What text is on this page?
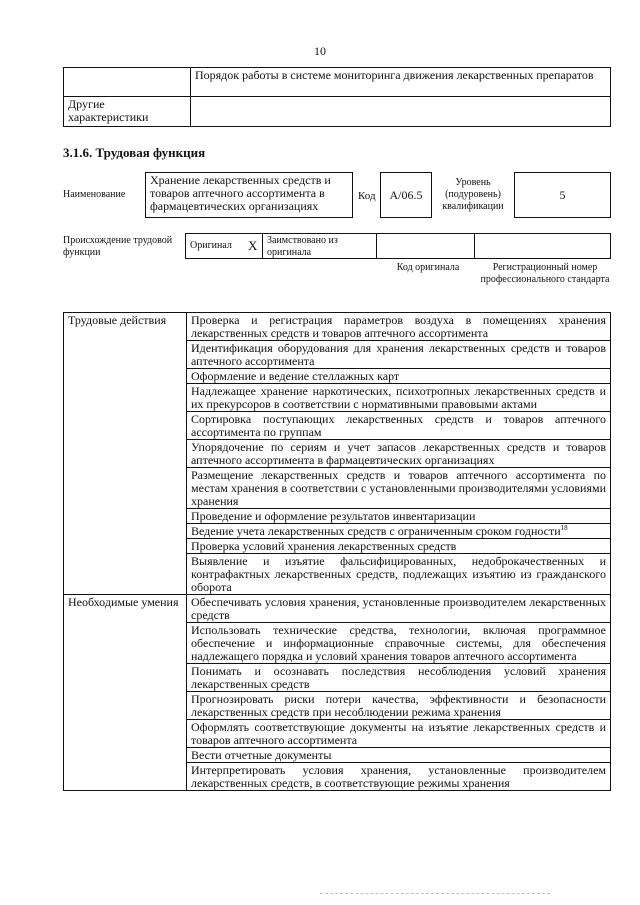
10
	Порядок работы в системе мониторинга движения лекарственных препаратов
Другие характеристики	
3.1.6. Трудовая функция
Наименование
Хранение лекарственных средств и товаров аптечного ассортимента в фармацевтических организациях
Код А/06.5
Уровень (подуровень) квалификации
5
Происхождение трудовой функции
Оригинал X Заимствовано из оригинала
Код оригинала	Регистрационный номер профессионального стандарта
Трудовые действия	Проверка и регистрация параметров воздуха в помещениях хранения лекарственных средств и товаров аптечного ассортимента
	Идентификация оборудования для хранения лекарственных средств и товаров аптечного ассортимента
	Оформление и ведение стеллажных карт
	Надлежащее хранение наркотических, психотропных лекарственных средств и их прекурсоров в соответствии с нормативными правовыми актами
	Сортировка поступающих лекарственных средств и товаров аптечного ассортимента по группам
	Упорядочение по сериям и учет запасов лекарственных средств и товаров аптечного ассортимента в фармацевтических организациях
	Размещение лекарственных средств и товаров аптечного ассортимента по местам хранения в соответствии с установленными производителями условиями хранения
	Проведение и оформление результатов инвентаризации
	Ведение учета лекарственных средств с ограниченным сроком годности$^{18}$
	Проверка условий хранения лекарственных средств
	Выявление и изъятие фальсифицированных, недоброкачественных и контрафактных лекарственных средств, подлежащих изъятию из гражданского оборота
Необходимые умения	Обеспечивать условия хранения, установленные производителем лекарственных средств
	Использовать технические средства, технологии, включая программное обеспечение и информационные справочные системы, для обеспечения надлежащего порядка и условий хранения товаров аптечного ассортимента
	Понимать и осознавать последствия несоблюдения условий хранения лекарственных средств
	Прогнозировать риски потери качества, эффективности и безопасности лекарственных средств при несоблюдении режима хранения
	Оформлять соответствующие документы на изъятие лекарственных средств и товаров аптечного ассортимента
	Вести отчетные документы
	Интерпретировать условия хранения, установленные производителем лекарственных средств, в соответствующие режимы хранения
